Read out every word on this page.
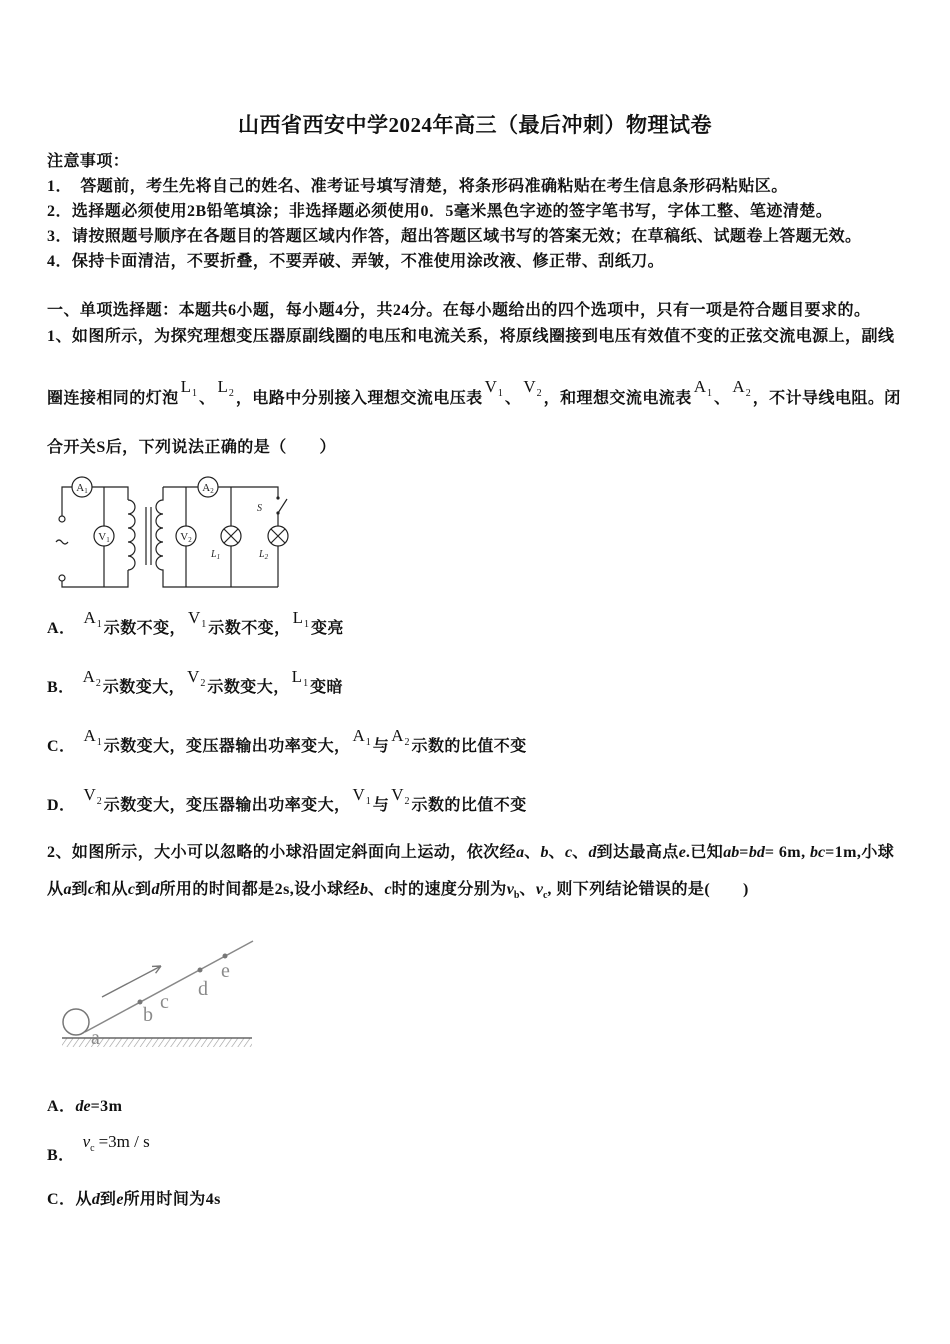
山西省西安中学2024年高三（最后冲刺）物理试卷
注意事项：
1．　答题前，考生先将自己的姓名、准考证号填写清楚，将条形码准确粘贴在考生信息条形码粘贴区。
2．选择题必须使用2B铅笔填涂；非选择题必须使用0．5毫米黑色字迹的签字笔书写，字体工整、笔迹清楚。
3．请按照题号顺序在各题目的答题区域内作答，超出答题区域书写的答案无效；在草稿纸、试题卷上答题无效。
4．保持卡面清洁，不要折叠，不要弄破、弄皱，不准使用涂改液、修正带、刮纸刀。
一、单项选择题：本题共6小题，每小题4分，共24分。在每小题给出的四个选项中，只有一项是符合题目要求的。
1、如图所示，为探究理想变压器原副线圈的电压和电流关系，将原线圈接到电压有效值不变的正弦交流电源上，副线
圈连接相同的灯泡$L_1$ 、$L_2$ ，电路中分别接入理想交流电压表$V_1$ 、$V_2$ ，和理想交流电流表$A_1$ 、$A_2$ ，不计导线电阻。闭
合开关S后，下列说法正确的是（　　）
A1
V1
A2
V2
$L_1$	$L_2$
S
A．$A_1$ 示数不变，$V_1$ 示数不变，$L_1$ 变亮
B．$A_2$ 示数变大，$V_2$ 示数变大，$L_1$ 变暗
C．$A_1$ 示数变大，变压器输出功率变大，$A_1$ 与$A_2$ 示数的比值不变
D．$V_2$ 示数变大，变压器输出功率变大，$V_1$ 与$V_2$ 示数的比值不变
2、如图所示，大小可以忽略的小球沿固定斜面向上运动，依次经a、b、c、d到达最高点e.已知ab=bd= 6m, bc=1m,小球
从a到c和从c到d所用的时间都是2s,设小球经b、c时的速度分别为$v_b$、$v_c$, 则下列结论错误的是(　　)
a
b
c
d
e
A．de=3m
B．$v_c =3m / s$
C．从d到e所用时间为4s
